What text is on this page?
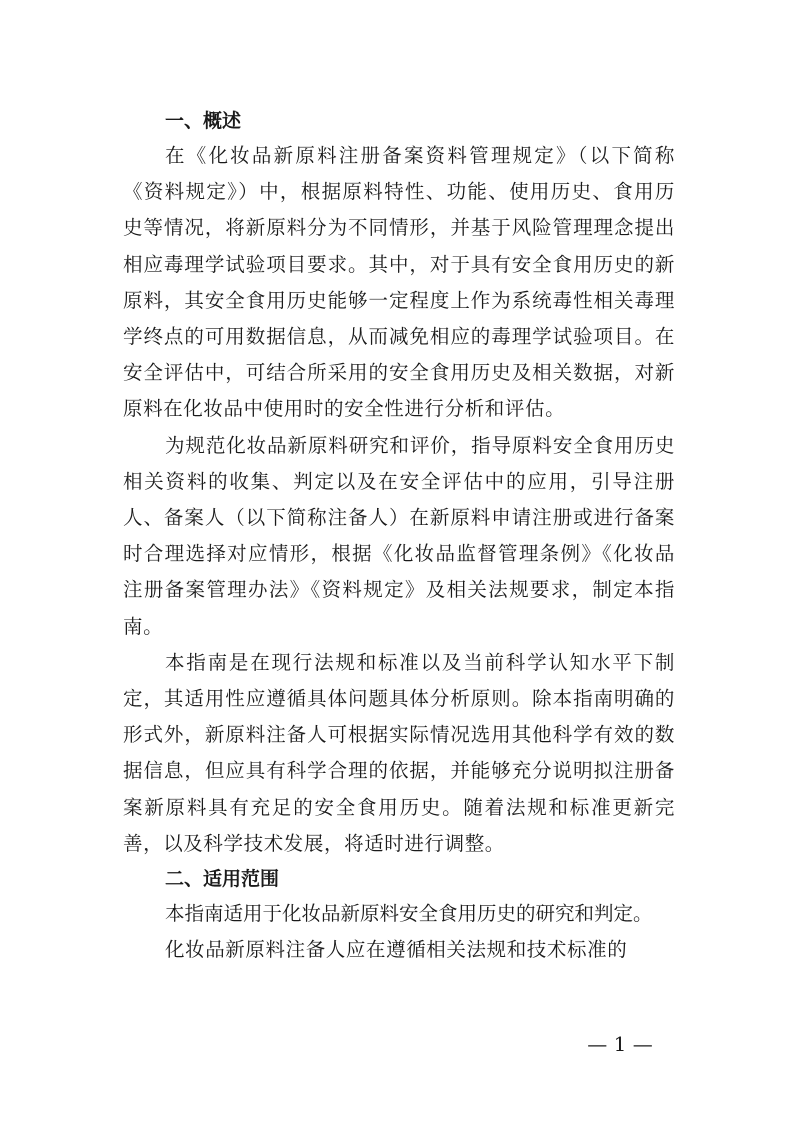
一、概述

在《化妆品新原料注册备案资料管理规定》（以下简称《资料规定》）中，根据原料特性、功能、使用历史、食用历史等情况，将新原料分为不同情形，并基于风险管理理念提出相应毒理学试验项目要求。其中，对于具有安全食用历史的新原料，其安全食用历史能够一定程度上作为系统毒性相关毒理学终点的可用数据信息，从而减免相应的毒理学试验项目。在安全评估中，可结合所采用的安全食用历史及相关数据，对新原料在化妆品中使用时的安全性进行分析和评估。

为规范化妆品新原料研究和评价，指导原料安全食用历史相关资料的收集、判定以及在安全评估中的应用，引导注册人、备案人（以下简称注备人）在新原料申请注册或进行备案时合理选择对应情形，根据《化妆品监督管理条例》《化妆品注册备案管理办法》《资料规定》及相关法规要求，制定本指南。

本指南是在现行法规和标准以及当前科学认知水平下制定，其适用性应遵循具体问题具体分析原则。除本指南明确的形式外，新原料注备人可根据实际情况选用其他科学有效的数据信息，但应具有科学合理的依据，并能够充分说明拟注册备案新原料具有充足的安全食用历史。随着法规和标准更新完善，以及科学技术发展，将适时进行调整。

二、适用范围

本指南适用于化妆品新原料安全食用历史的研究和判定。

化妆品新原料注备人应在遵循相关法规和技术标准的

— 1 —
